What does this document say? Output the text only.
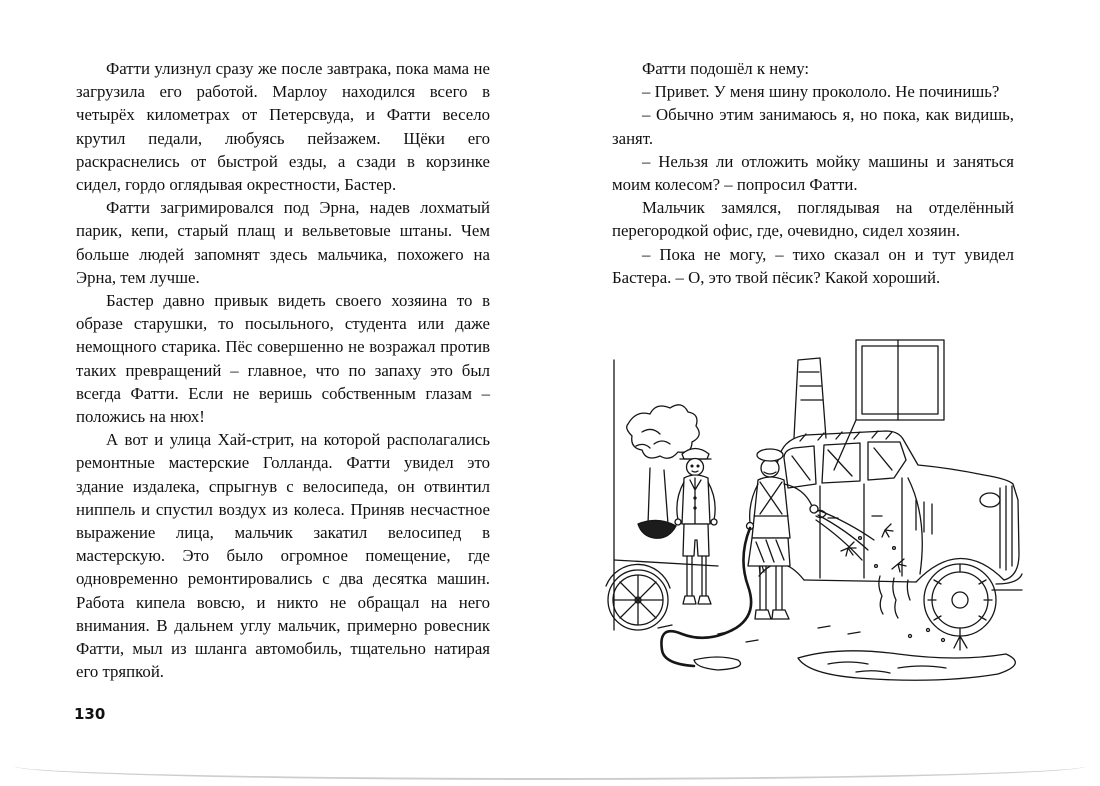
Фатти улизнул сразу же после завтрака, пока мама не загрузила его работой. Марлоу находился всего в четырёх километрах от Петерсвуда, и Фатти весело крутил педали, любуясь пейзажем. Щёки его раскраснелись от быстрой езды, а сзади в корзинке сидел, гордо оглядывая окрестности, Бастер.

Фатти загримировался под Эрна, надев лохматый парик, кепи, старый плащ и вельветовые штаны. Чем больше людей запомнят здесь мальчика, похожего на Эрна, тем лучше.

Бастер давно привык видеть своего хозяина то в образе старушки, то посыльного, студента или даже немощного старика. Пёс совершенно не возражал против таких превращений – главное, что по запаху это был всегда Фатти. Если не веришь собственным глазам – положись на нюх!

А вот и улица Хай-стрит, на которой располагались ремонтные мастерские Голланда. Фатти увидел это здание издалека, спрыгнув с велосипеда, он отвинтил ниппель и спустил воздух из колеса. Приняв несчастное выражение лица, мальчик закатил велосипед в мастерскую. Это было огромное помещение, где одновременно ремонтировались с два десятка машин. Работа кипела вовсю, и никто не обращал на него внимания. В дальнем углу мальчик, примерно ровесник Фатти, мыл из шланга автомобиль, тщательно натирая его тряпкой.

Фатти подошёл к нему:

– Привет. У меня шину прокололо. Не починишь?

– Обычно этим занимаюсь я, но пока, как видишь, занят.

– Нельзя ли отложить мойку машины и заняться моим колесом? – попросил Фатти.

Мальчик замялся, поглядывая на отделённый перегородкой офис, где, очевидно, сидел хозяин.

– Пока не могу, – тихо сказал он и тут увидел Бастера. – О, это твой пёсик? Какой хороший.

130
